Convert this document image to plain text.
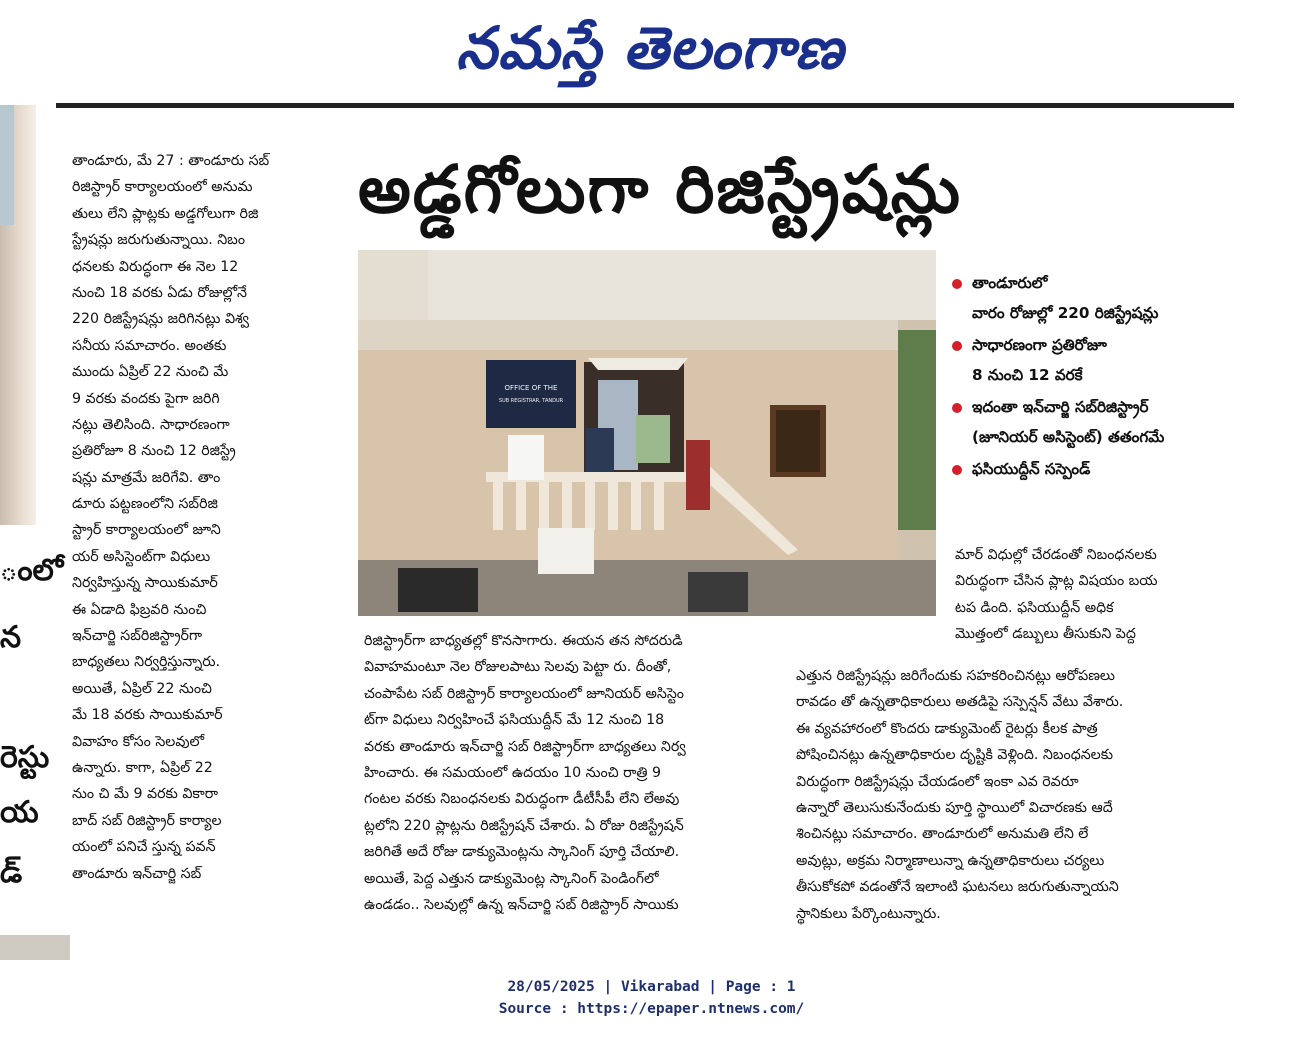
నమస్తే తెలంగాణ
ంలో
న
రెస్టు
య
డ్
అడ్డగోలుగా రిజిస్ట్రేషన్లు
తాండూరు, మే 27 : తాండూరు సబ్
రిజిస్ట్రార్ కార్యాలయంలో అనుమ
తులు లేని ప్లాట్లకు అడ్డగోలుగా రిజి
స్ట్రేషన్లు జరుగుతున్నాయి. నిబం
ధనలకు విరుద్ధంగా ఈ నెల 12
నుంచి 18 వరకు ఏడు రోజుల్లోనే
220 రిజిస్ట్రేషన్లు జరిగినట్లు విశ్వ
సనీయ సమాచారం. అంతకు
ముందు ఏప్రిల్ 22 నుంచి మే
9 వరకు వందకు పైగా జరిగి
నట్లు తెలిసింది. సాధారణంగా
ప్రతిరోజూ 8 నుంచి 12 రిజిస్ట్రే
షన్లు మాత్రమే జరిగేవి. తాం
డూరు పట్టణంలోని సబ్‌రిజి
స్ట్రార్ కార్యాలయంలో జూని
యర్ అసిస్టెంట్‌గా విధులు
నిర్వహిస్తున్న సాయికుమార్
ఈ ఏడాది ఫిబ్రవరి నుంచి
ఇన్‌చార్జి సబ్‌రిజిస్ట్రార్‌గా
బాధ్యతలు నిర్వర్తిస్తున్నారు.
అయితే, ఏప్రిల్ 22 నుంచి
మే 18 వరకు సాయికుమార్
వివాహం కోసం సెలవులో
ఉన్నారు. కాగా, ఏప్రిల్ 22
నుం చి మే 9 వరకు వికారా
బాద్ సబ్ రిజిస్ట్రార్ కార్యాల
యంలో పనిచే స్తున్న పవన్
తాండూరు ఇన్‌చార్జి సబ్
OFFICE OF THE
SUB REGISTRAR, TANDUR
తాండూరులో
వారం రోజుల్లో 220 రిజిస్ట్రేషన్లు
సాధారణంగా ప్రతిరోజూ
8 నుంచి 12 వరకే
ఇదంతా ఇన్‌చార్జి సబ్‌రిజిస్ట్రార్
(జూనియర్ అసిస్టెంట్) తతంగమే
ఫసియుద్దీన్ సస్పెండ్
మార్ విధుల్లో చేరడంతో నిబంధనలకు
విరుద్ధంగా చేసిన ప్లాట్ల విషయం బయ
టప డింది. ఫసియుద్దీన్ అధిక
మొత్తంలో డబ్బులు తీసుకుని పెద్ద
రిజిస్ట్రార్‌గా బాధ్యతల్లో కొనసాగారు. ఈయన తన సోదరుడి
వివాహమంటూ నెల రోజులపాటు సెలవు పెట్టా రు. దీంతో,
చంపాపేట సబ్ రిజిస్ట్రార్ కార్యాలయంలో జూనియర్ అసిస్టెం
ట్‌గా విధులు నిర్వహించే ఫసియుద్దీన్ మే 12 నుంచి 18
వరకు తాండూరు ఇన్‌చార్జి సబ్ రిజిస్ట్రార్‌గా బాధ్యతలు నిర్వ
హించారు. ఈ సమయంలో ఉదయం 10 నుంచి రాత్రి 9
గంటల వరకు నిబంధనలకు విరుద్ధంగా డీటీసీపీ లేని లేఅవు
ట్లలోని 220 ప్లాట్లను రిజిస్ట్రేషన్ చేశారు. ఏ రోజు రిజిస్ట్రేషన్
జరిగితే అదే రోజు డాక్యుమెంట్లను స్కానింగ్ పూర్తి చేయాలి.
అయితే, పెద్ద ఎత్తున డాక్యుమెంట్ల స్కానింగ్ పెండింగ్‌లో
ఉండడం.. సెలవుల్లో ఉన్న ఇన్‌చార్జి సబ్ రిజిస్ట్రార్ సాయికు
ఎత్తున రిజిస్ట్రేషన్లు జరిగేందుకు సహకరించినట్లు ఆరోపణలు
రావడం తో ఉన్నతాధికారులు అతడిపై సస్పెన్షన్ వేటు వేశారు.
ఈ వ్యవహారంలో కొందరు డాక్యుమెంట్ రైటర్లు కీలక పాత్ర
పోషించినట్లు ఉన్నతాధికారుల దృష్టికి వెళ్లింది. నిబంధనలకు
విరుద్ధంగా రిజిస్ట్రేషన్లు చేయడంలో ఇంకా ఎవ రెవరూ
ఉన్నారో తెలుసుకునేందుకు పూర్తి స్థాయిలో విచారణకు ఆదే
శించినట్లు సమాచారం. తాండూరులో అనుమతి లేని లే
అవుట్లు, అక్రమ నిర్మాణాలున్నా ఉన్నతాధికారులు చర్యలు
తీసుకోకపో వడంతోనే ఇలాంటి ఘటనలు జరుగుతున్నాయని
స్థానికులు పేర్కొంటున్నారు.
28/05/2025 | Vikarabad | Page : 1
Source : https://epaper.ntnews.com/
